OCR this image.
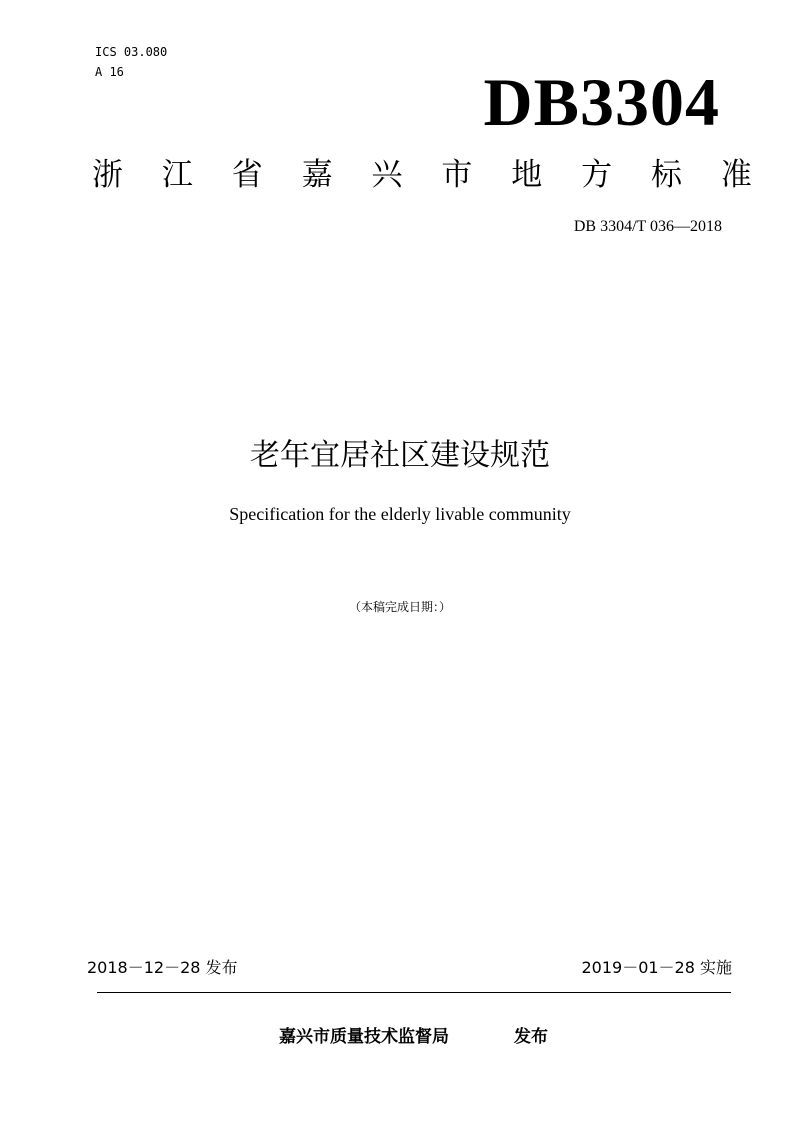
ICS 03.080
A 16	DB3304
浙 江 省 嘉 兴 市 地 方 标 准
DB 3304/T 036—2018
老年宜居社区建设规范
Specification for the elderly livable community
（本稿完成日期：）
2018－12－28 发布	2019－01－28 实施
嘉兴市质量技术监督局	发布
